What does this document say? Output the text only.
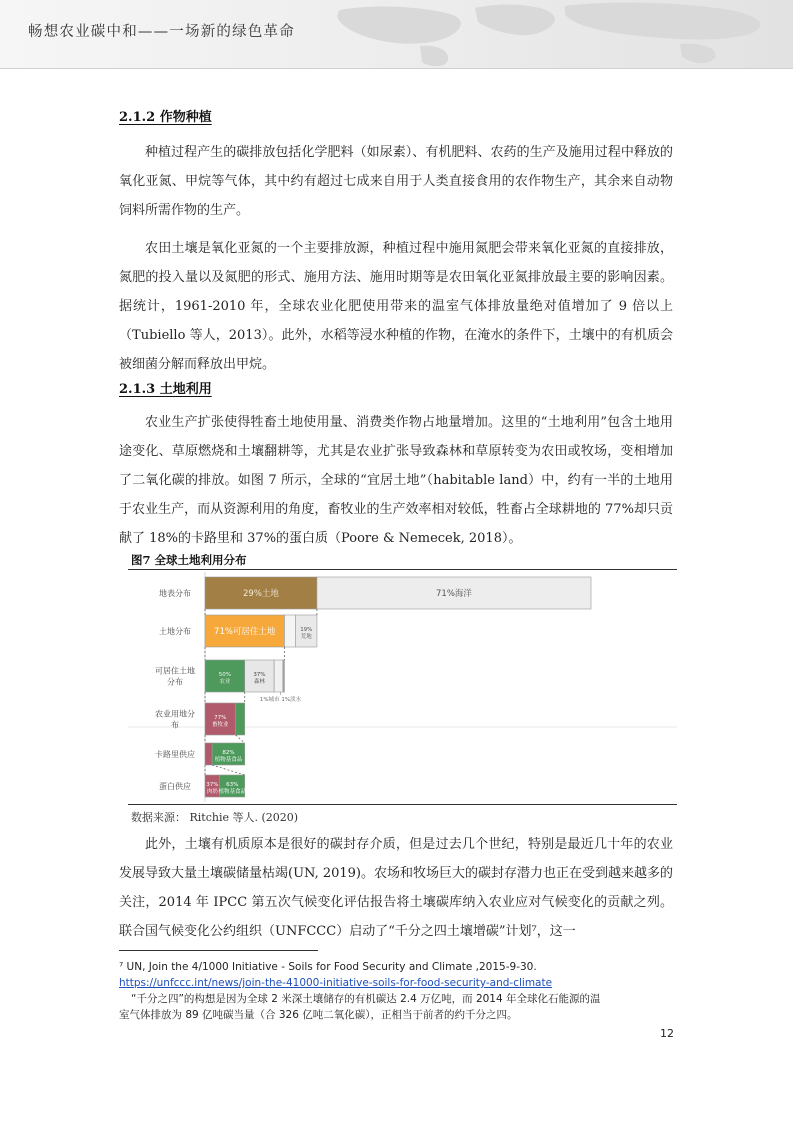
畅想农业碳中和——一场新的绿色革命
2.1.2 作物种植

种植过程产生的碳排放包括化学肥料（如尿素）、有机肥料、农药的生产及施用过程中释放的氧化亚氮、甲烷等气体，其中约有超过七成来自用于人类直接食用的农作物生产，其余来自动物饲料所需作物的生产。

农田土壤是氧化亚氮的一个主要排放源，种植过程中施用氮肥会带来氧化亚氮的直接排放，氮肥的投入量以及氮肥的形式、施用方法、施用时期等是农田氧化亚氮排放最主要的影响因素。据统计，1961-2010 年，全球农业化肥使用带来的温室气体排放量绝对值增加了 9 倍以上（Tubiello 等人，2013）。此外，水稻等浸水种植的作物，在淹水的条件下，土壤中的有机质会被细菌分解而释放出甲烷。

2.1.3 土地利用

农业生产扩张使得牲畜土地使用量、消费类作物占地量增加。这里的“土地利用”包含土地用途变化、草原燃烧和土壤翻耕等，尤其是农业扩张导致森林和草原转变为农田或牧场，变相增加了二氧化碳的排放。如图 7 所示，全球的“宜居土地”（habitable land）中，约有一半的土地用于农业生产，而从资源利用的角度，畜牧业的生产效率相对较低，牲畜占全球耕地的 77%却只贡献了 18%的卡路里和 37%的蛋白质（Poore & Nemecek, 2018）。

图7 全球土地利用分布
地表分布	29%土地	71%海洋
土地分布	71%可居住土地	19%荒地
可居住土地
分布
50%农业
37%森林
农业用地分
布
77%畜牧业
卡路里供应	82%植物基食品
蛋白供应	37%肉奶
63%植物基食品
1%城市 1%淡水
数据来源： Ritchie 等人. (2020)

此外，土壤有机质原本是很好的碳封存介质，但是过去几个世纪，特别是最近几十年的农业发展导致大量土壤碳储量枯竭(UN, 2019)。农场和牧场巨大的碳封存潜力也正在受到越来越多的关注，2014 年 IPCC 第五次气候变化评估报告将土壤碳库纳入农业应对气候变化的贡献之列。联合国气候变化公约组织（UNFCCC）启动了“千分之四土壤增碳”计划⁷，这一

⁷ UN, Join the 4/1000 Initiative - Soils for Food Security and Climate ,2015-9-30.
https://unfccc.int/news/join-the-41000-initiative-soils-for-food-security-and-climate
“千分之四”的构想是因为全球 2 米深土壤储存的有机碳达 2.4 万亿吨，而 2014 年全球化石能源的温
室气体排放为 89 亿吨碳当量（合 326 亿吨二氧化碳），正相当于前者的约千分之四。
12
